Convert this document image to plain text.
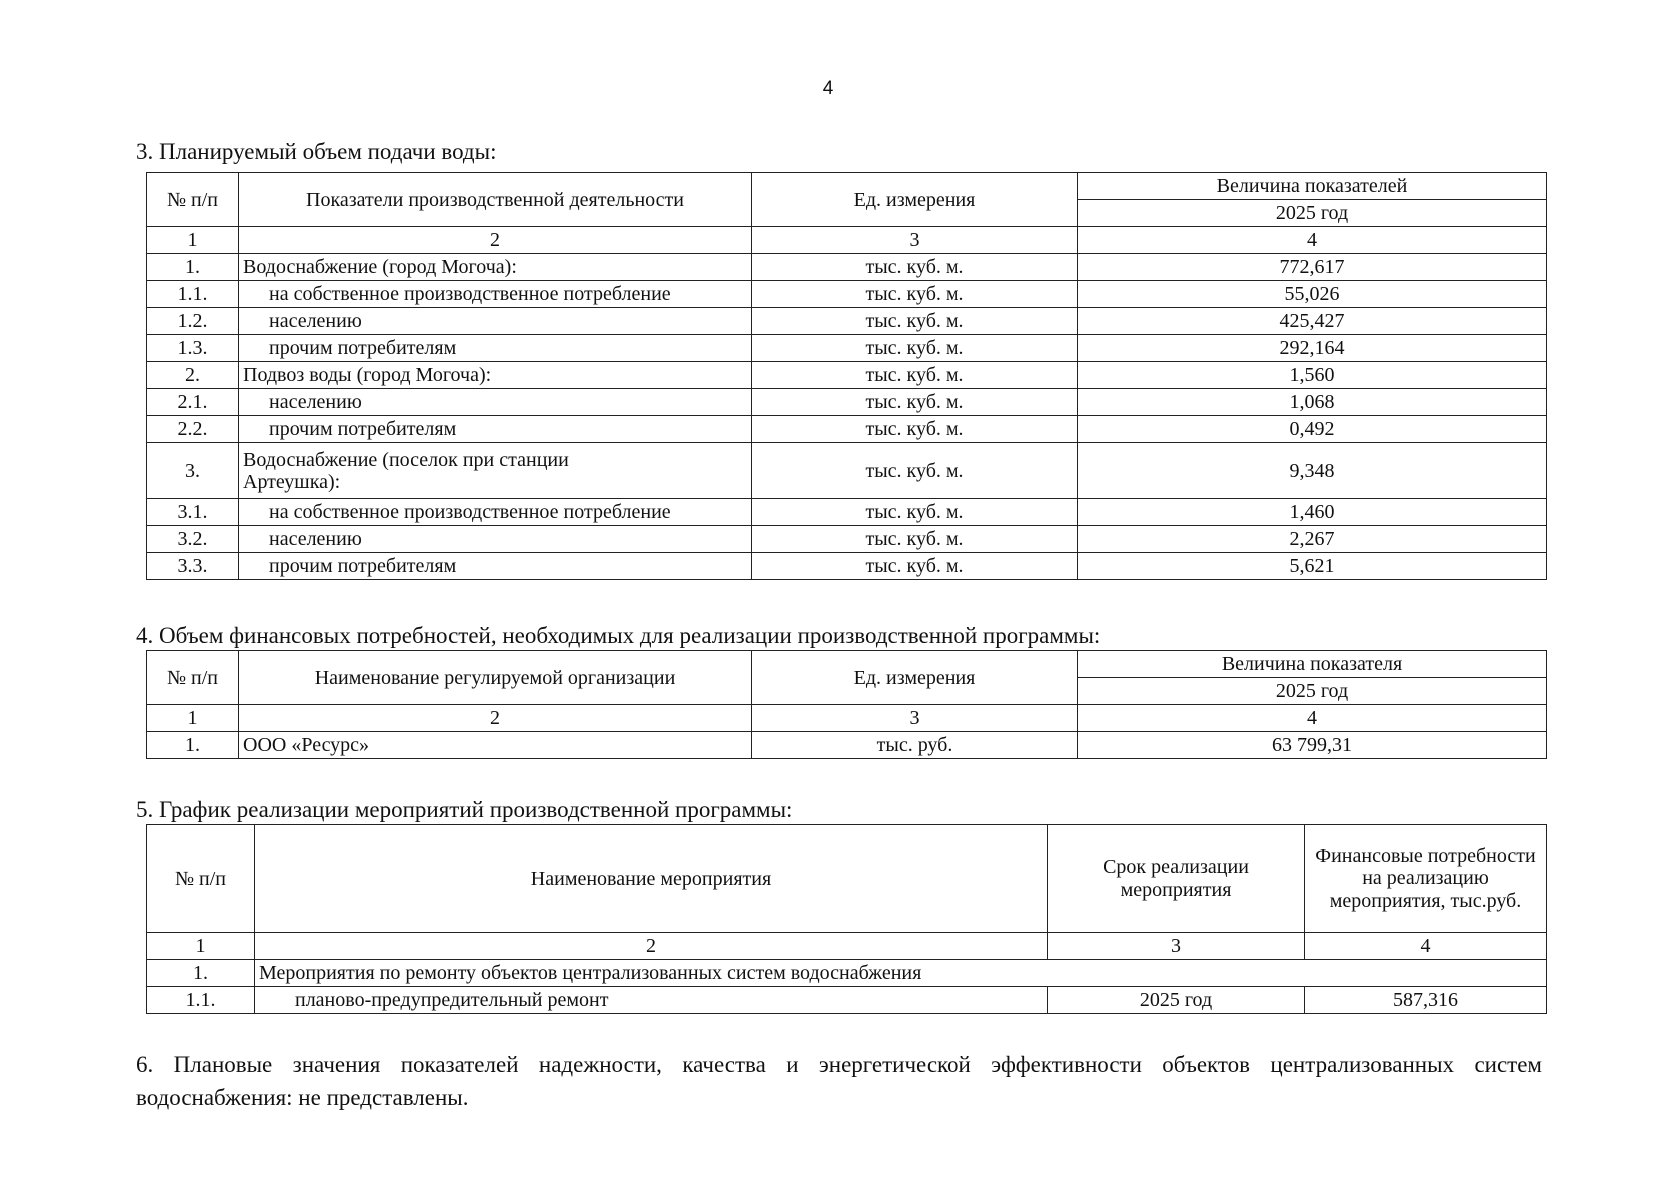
4
3. Планируемый объем подачи воды:
№ п/п	Показатели производственной деятельности	Ед. измерения	Величина показателей
			2025 год
1	2	3	4
1.	Водоснабжение (город Могоча):	тыс. куб. м.	772,617
1.1.	на собственное производственное потребление	тыс. куб. м.	55,026
1.2.	населению	тыс. куб. м.	425,427
1.3.	прочим потребителям	тыс. куб. м.	292,164
2.	Подвоз воды (город Могоча):	тыс. куб. м.	1,560
2.1.	населению	тыс. куб. м.	1,068
2.2.	прочим потребителям	тыс. куб. м.	0,492
3.	Водоснабжение (поселок при станции Артеушка):	тыс. куб. м.	9,348
3.1.	на собственное производственное потребление	тыс. куб. м.	1,460
3.2.	населению	тыс. куб. м.	2,267
3.3.	прочим потребителям	тыс. куб. м.	5,621
4. Объем финансовых потребностей, необходимых для реализации производственной программы:
№ п/п	Наименование регулируемой организации	Ед. измерения	Величина показателя
			2025 год
1	2	3	4
1.	ООО «Ресурс»	тыс. руб.	63 799,31
5. График реализации мероприятий производственной программы:
№ п/п	Наименование мероприятия	Срок реализации мероприятия	Финансовые потребности на реализацию мероприятия, тыс.руб.
1	2	3	4
1.	Мероприятия по ремонту объектов централизованных систем водоснабжения		
1.1.	планово-предупредительный ремонт	2025 год	587,316
6. Плановые значения показателей надежности, качества и энергетической эффективности объектов централизованных систем водоснабжения: не представлены.
